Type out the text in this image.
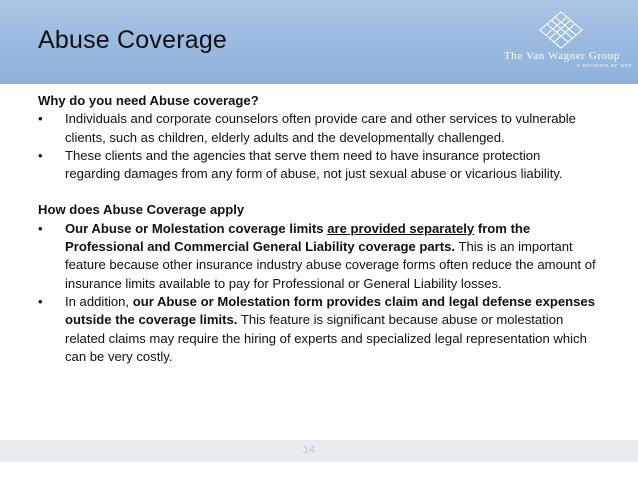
Abuse Coverage
The Van Wagner Group
A DIVISION OF NFP

Why do you need Abuse coverage?

• Individuals and corporate counselors often provide care and other services to vulnerable clients, such as children, elderly adults and the developmentally challenged.
• These clients and the agencies that serve them need to have insurance protection regarding damages from any form of abuse, not just sexual abuse or vicarious liability.

How does Abuse Coverage apply

• Our Abuse or Molestation coverage limits are provided separately from the Professional and Commercial General Liability coverage parts. This is an important feature because other insurance industry abuse coverage forms often reduce the amount of insurance limits available to pay for Professional or General Liability losses.
• In addition, our Abuse or Molestation form provides claim and legal defense expenses outside the coverage limits. This feature is significant because abuse or molestation related claims may require the hiring of experts and specialized legal representation which can be very costly.
14
